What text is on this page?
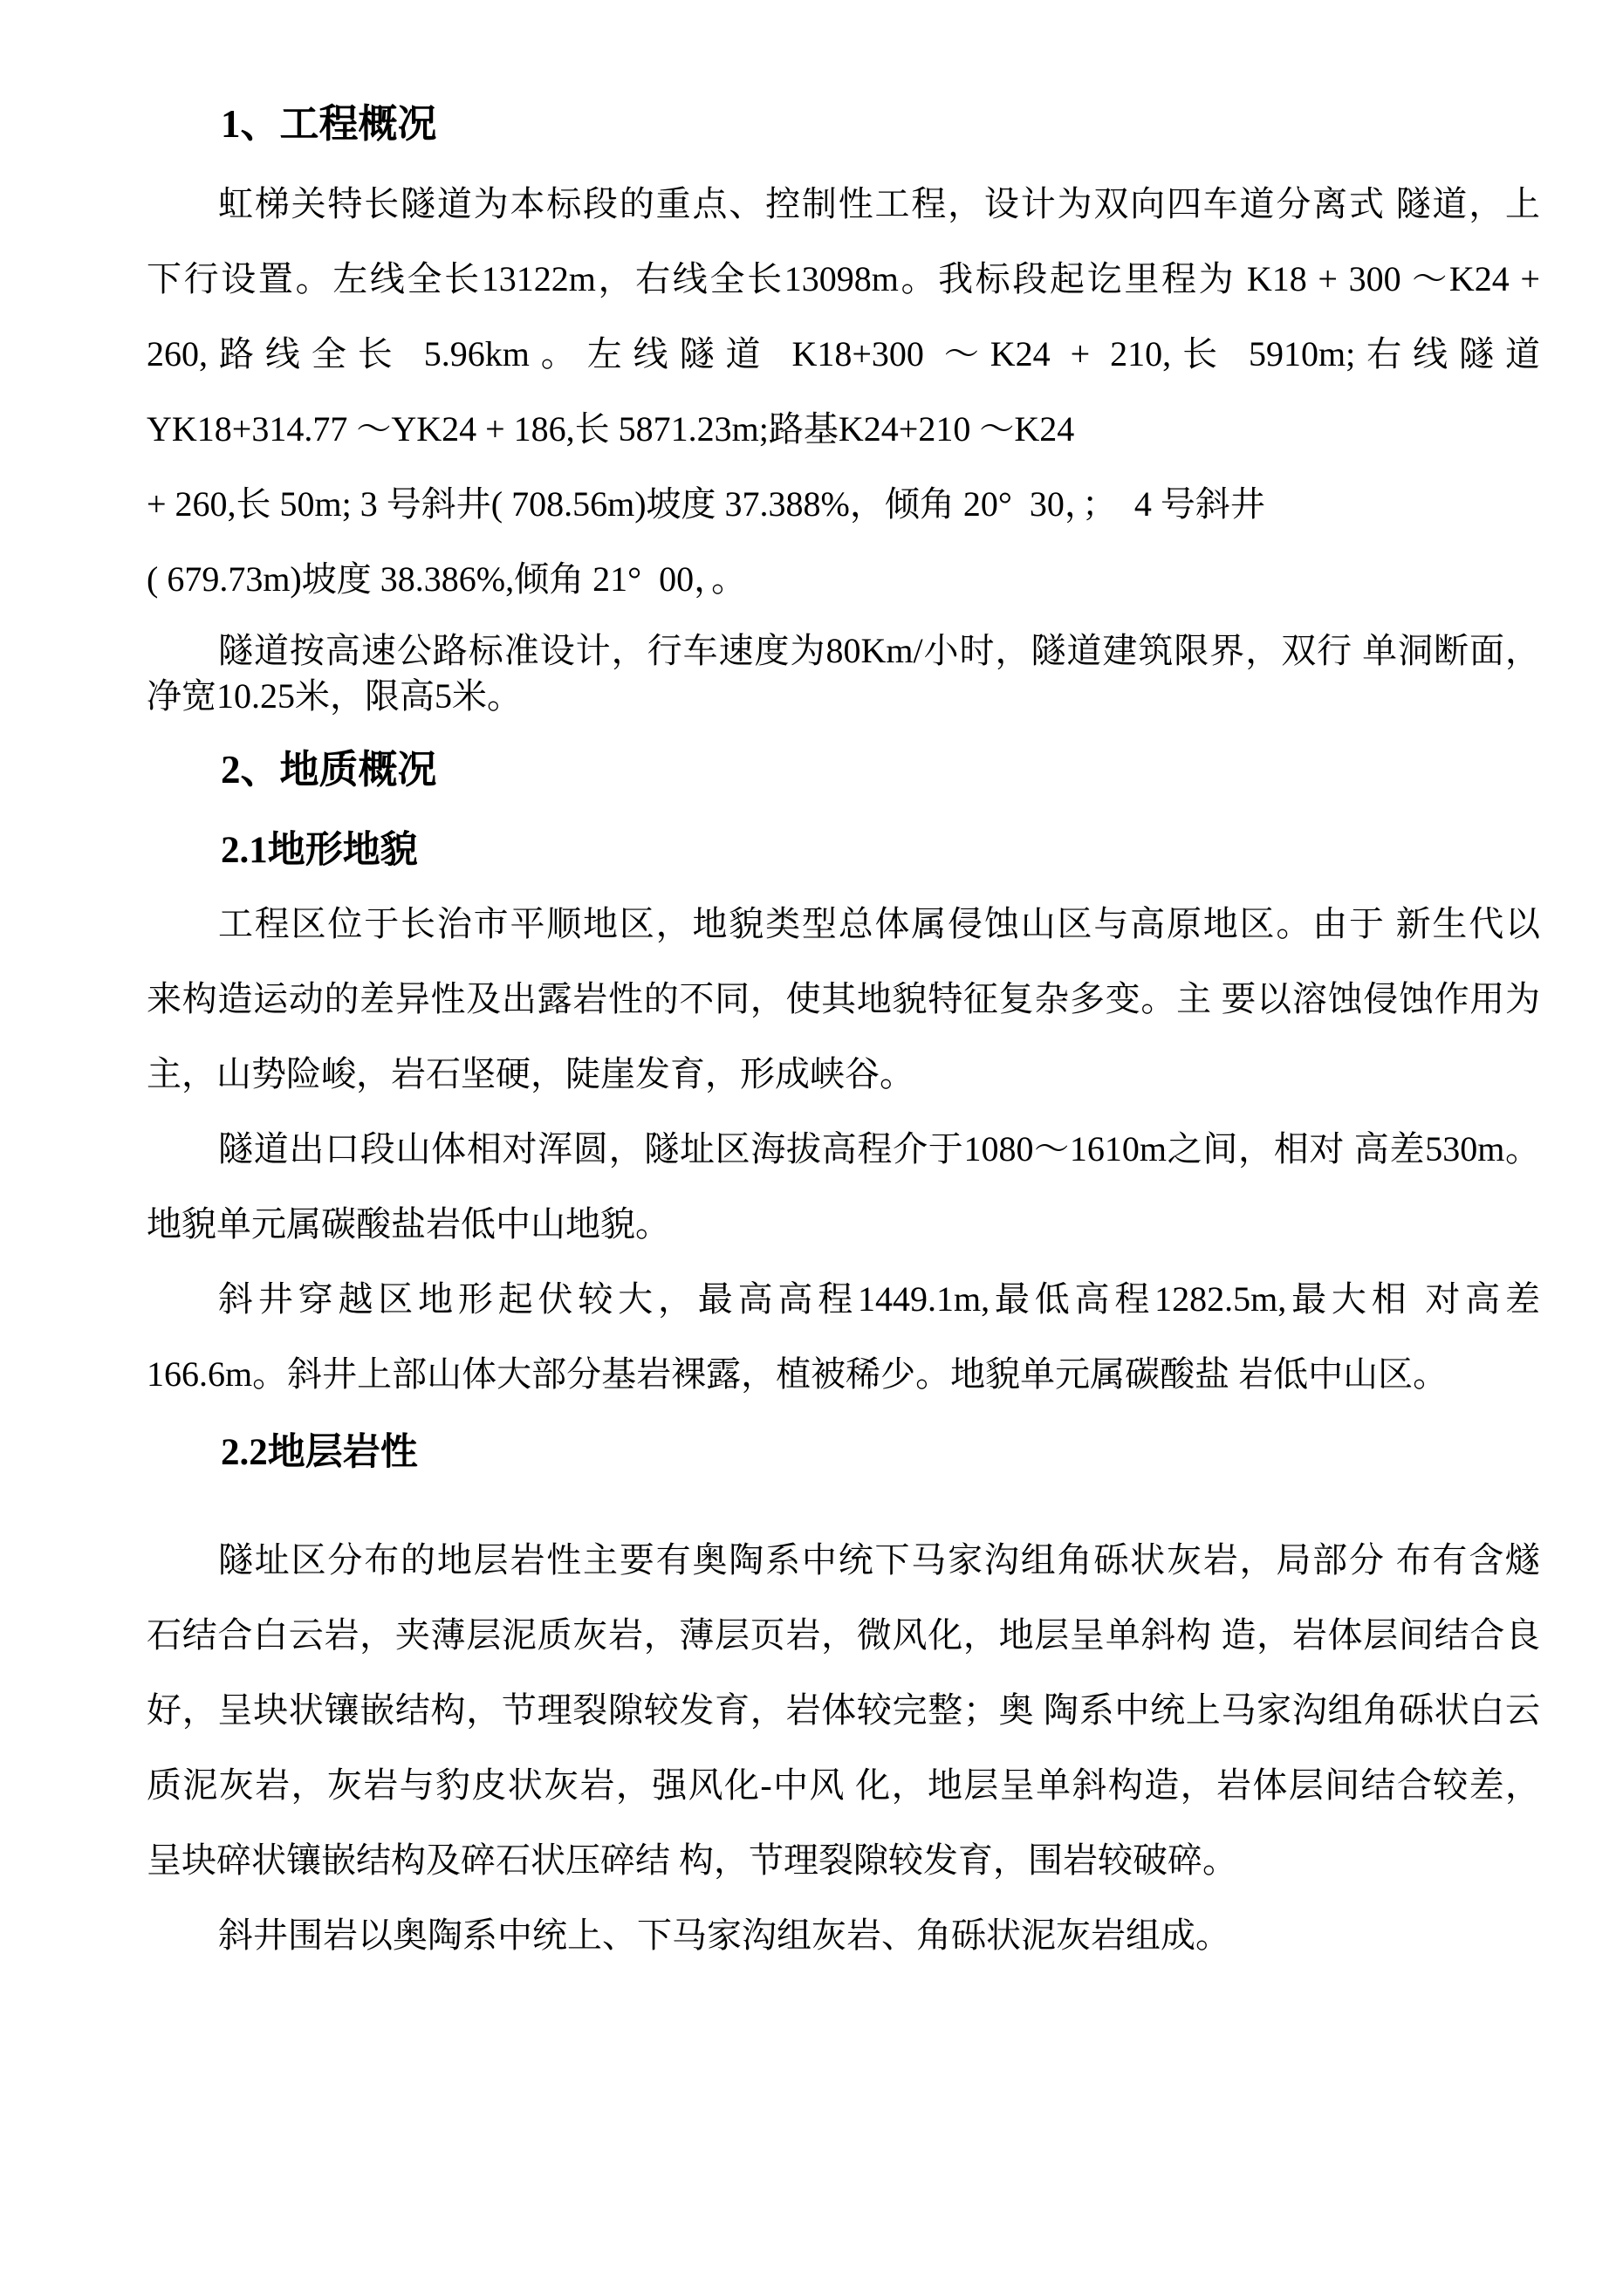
1、工程概况
虹梯关特长隧道为本标段的重点、控制性工程，设计为双向四车道分离式 隧道，上
下行设置。左线全长13122m，右线全长13098m。我标段起讫里程为 K18 + 300 〜K24 +
260,路线全长 5.96km。左线隧道 K18+300 〜K24 + 210,长 5910m;右线隧道
YK18+314.77 〜YK24 + 186,长 5871.23m;路基K24+210 〜K24
+ 260,长 50m; 3 号斜井( 708.56m)坡度 37.388%，倾角 20°  30，；  4 号斜井
( 679.73m)坡度 38.386%,倾角 21°  00，。
隧道按高速公路标准设计，行车速度为80Km/小时，隧道建筑限界，双行 单洞断面，
净宽10.25米，限高5米。
2、地质概况
2.1地形地貌
工程区位于长治市平顺地区，地貌类型总体属侵蚀山区与高原地区。由于 新生代以
来构造运动的差异性及出露岩性的不同，使其地貌特征复杂多变。主 要以溶蚀侵蚀作用为
主，山势险峻，岩石坚硬，陡崖发育，形成峡谷。
隧道出口段山体相对浑圆，隧址区海拔高程介于1080〜1610m之间，相对 高差530m。
地貌单元属碳酸盐岩低中山地貌。
斜井穿越区地形起伏较大，最高高程1449.1m,最低高程1282.5m,最大相 对高差
166.6m。斜井上部山体大部分基岩裸露，植被稀少。地貌单元属碳酸盐 岩低中山区。
2.2地层岩性
隧址区分布的地层岩性主要有奥陶系中统下马家沟组角砾状灰岩，局部分 布有含燧
石结合白云岩，夹薄层泥质灰岩，薄层页岩，微风化，地层呈单斜构 造，岩体层间结合良
好，呈块状镶嵌结构，节理裂隙较发育，岩体较完整；奥 陶系中统上马家沟组角砾状白云
质泥灰岩，灰岩与豹皮状灰岩，强风化-中风 化，地层呈单斜构造，岩体层间结合较差，
呈块碎状镶嵌结构及碎石状压碎结 构，节理裂隙较发育，围岩较破碎。
斜井围岩以奥陶系中统上、下马家沟组灰岩、角砾状泥灰岩组成。
